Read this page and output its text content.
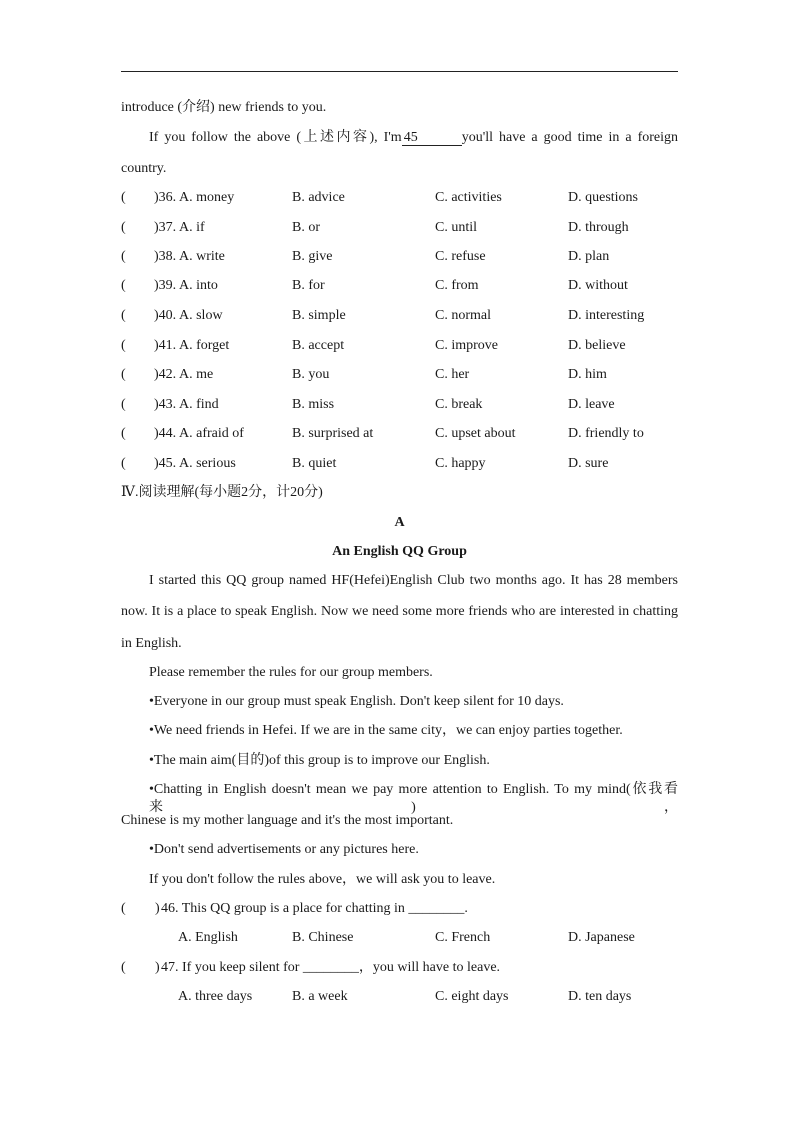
introduce (介绍) new friends to you.
If you follow the above (上述内容), I'm 45	you'll have a good time in a foreign
country.
( )36. A. money	B. advice	C. activities	D. questions
( )37. A. if	B. or	C. until	D. through
( )38. A. write	B. give	C. refuse	D. plan
( )39. A. into	B. for	C. from	D. without
( )40. A. slow	B. simple	C. normal	D. interesting
( )41. A. forget	B. accept	C. improve	D. believe
( )42. A. me	B. you	C. her	D. him
( )43. A. find	B. miss	C. break	D. leave
( )44. A. afraid of	B. surprised at	C. upset about	D. friendly to
( )45. A. serious	B. quiet	C. happy	D. sure
Ⅳ.阅读理解(每小题2分，计20分)
A
An English QQ Group
I started this QQ group named HF(Hefei)English Club two months ago. It has 28 members
now. It is a place to speak English. Now we need some more friends who are interested in chatting
in English.
Please remember the rules for our group members.
•Everyone in our group must speak English. Don't keep silent for 10 days.
•We need friends in Hefei. If we are in the same city，we can enjoy parties together.
•The main aim(目的)of this group is to improve our English.
•Chatting in English doesn't mean we pay more attention to English. To my mind(依我看来)，
Chinese is my mother language and it's the most important.
•Don't send advertisements or any pictures here.
If you don't follow the rules above，we will ask you to leave.
( ) 46. This QQ group is a place for chatting in ________.
A. English	B. Chinese	C. French	D. Japanese
( ) 47. If you keep silent for ________，you will have to leave.
A. three days	B. a week	C. eight days	D. ten days
